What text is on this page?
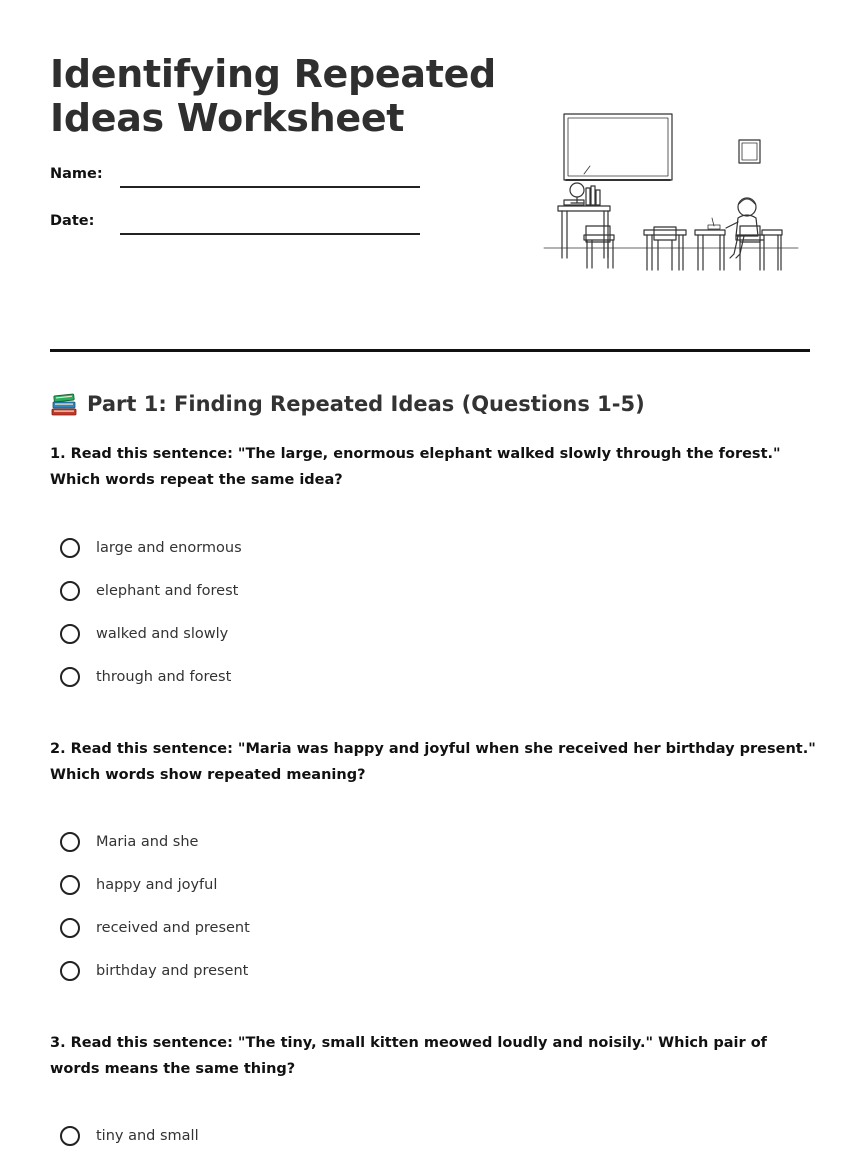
Identifying Repeated
Ideas Worksheet
Name:
Date:
Part 1: Finding Repeated Ideas (Questions 1-5)

1. Read this sentence: "The large, enormous elephant walked slowly through the forest." Which words repeat the same idea?

large and enormous
elephant and forest
walked and slowly
through and forest

2. Read this sentence: "Maria was happy and joyful when she received her birthday present." Which words show repeated meaning?

Maria and she
happy and joyful
received and present
birthday and present

3. Read this sentence: "The tiny, small kitten meowed loudly and noisily." Which pair of words means the same thing?

tiny and small
